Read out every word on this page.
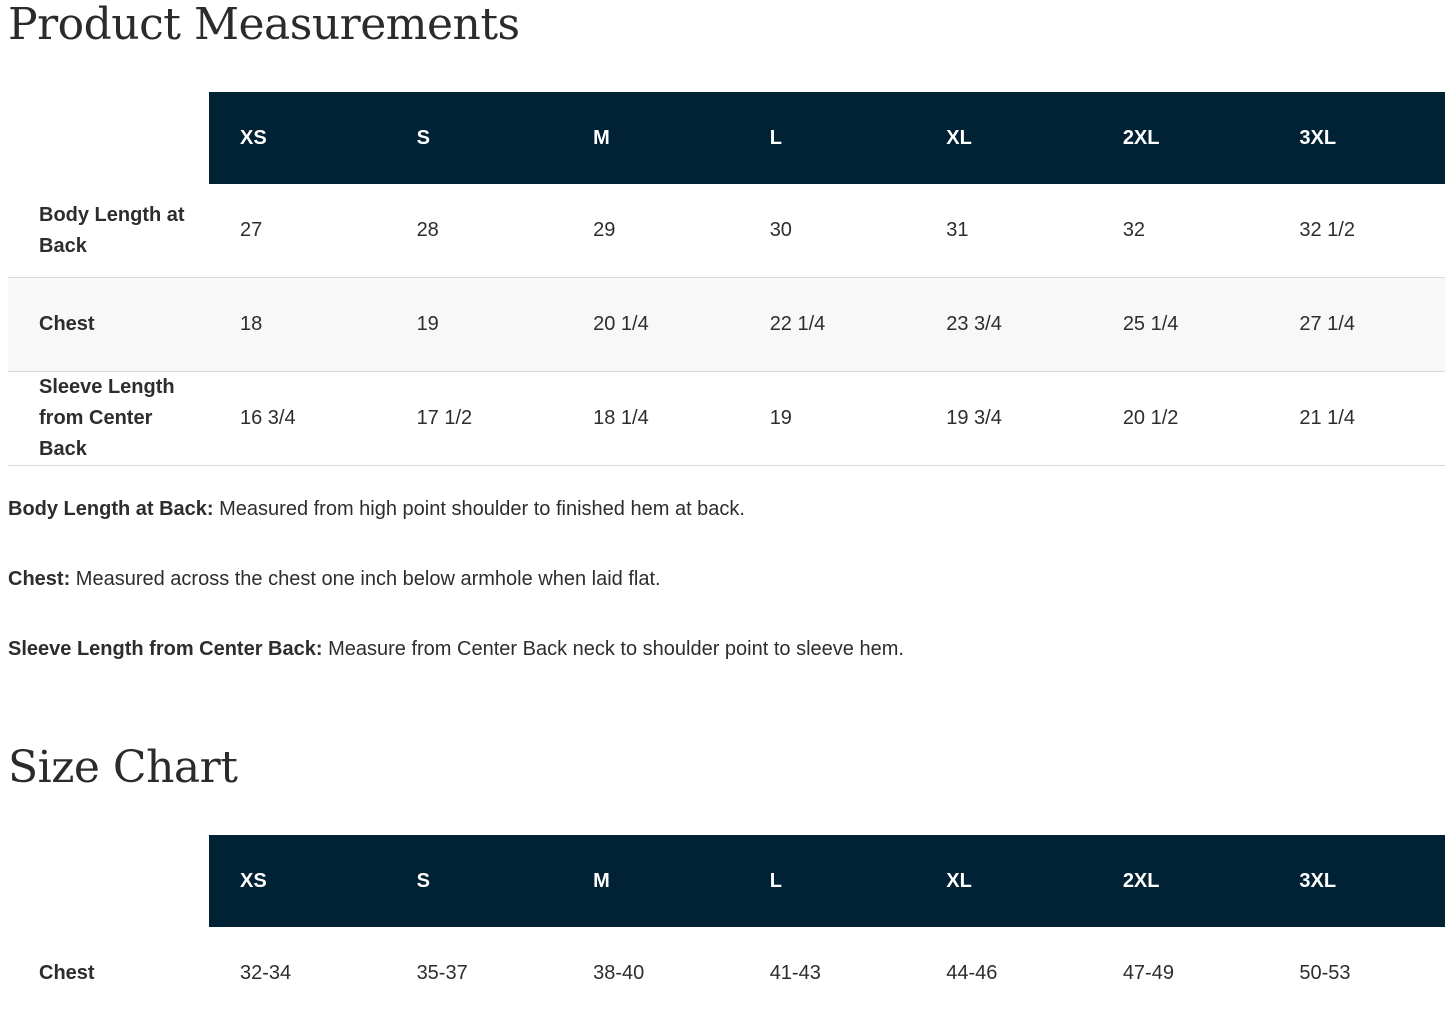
Product Measurements
	XS	S	M	L	XL	2XL	3XL
Body Length at Back	27	28	29	30	31	32	32 1/2
Chest	18	19	20 1/4	22 1/4	23 3/4	25 1/4	27 1/4
Sleeve Length from Center Back	16 3/4	17 1/2	18 1/4	19	19 3/4	20 1/2	21 1/4

Body Length at Back: Measured from high point shoulder to finished hem at back.

Chest: Measured across the chest one inch below armhole when laid flat.

Sleeve Length from Center Back: Measure from Center Back neck to shoulder point to sleeve hem.

Size Chart
	XS	S	M	L	XL	2XL	3XL
Chest	32-34	35-37	38-40	41-43	44-46	47-49	50-53
